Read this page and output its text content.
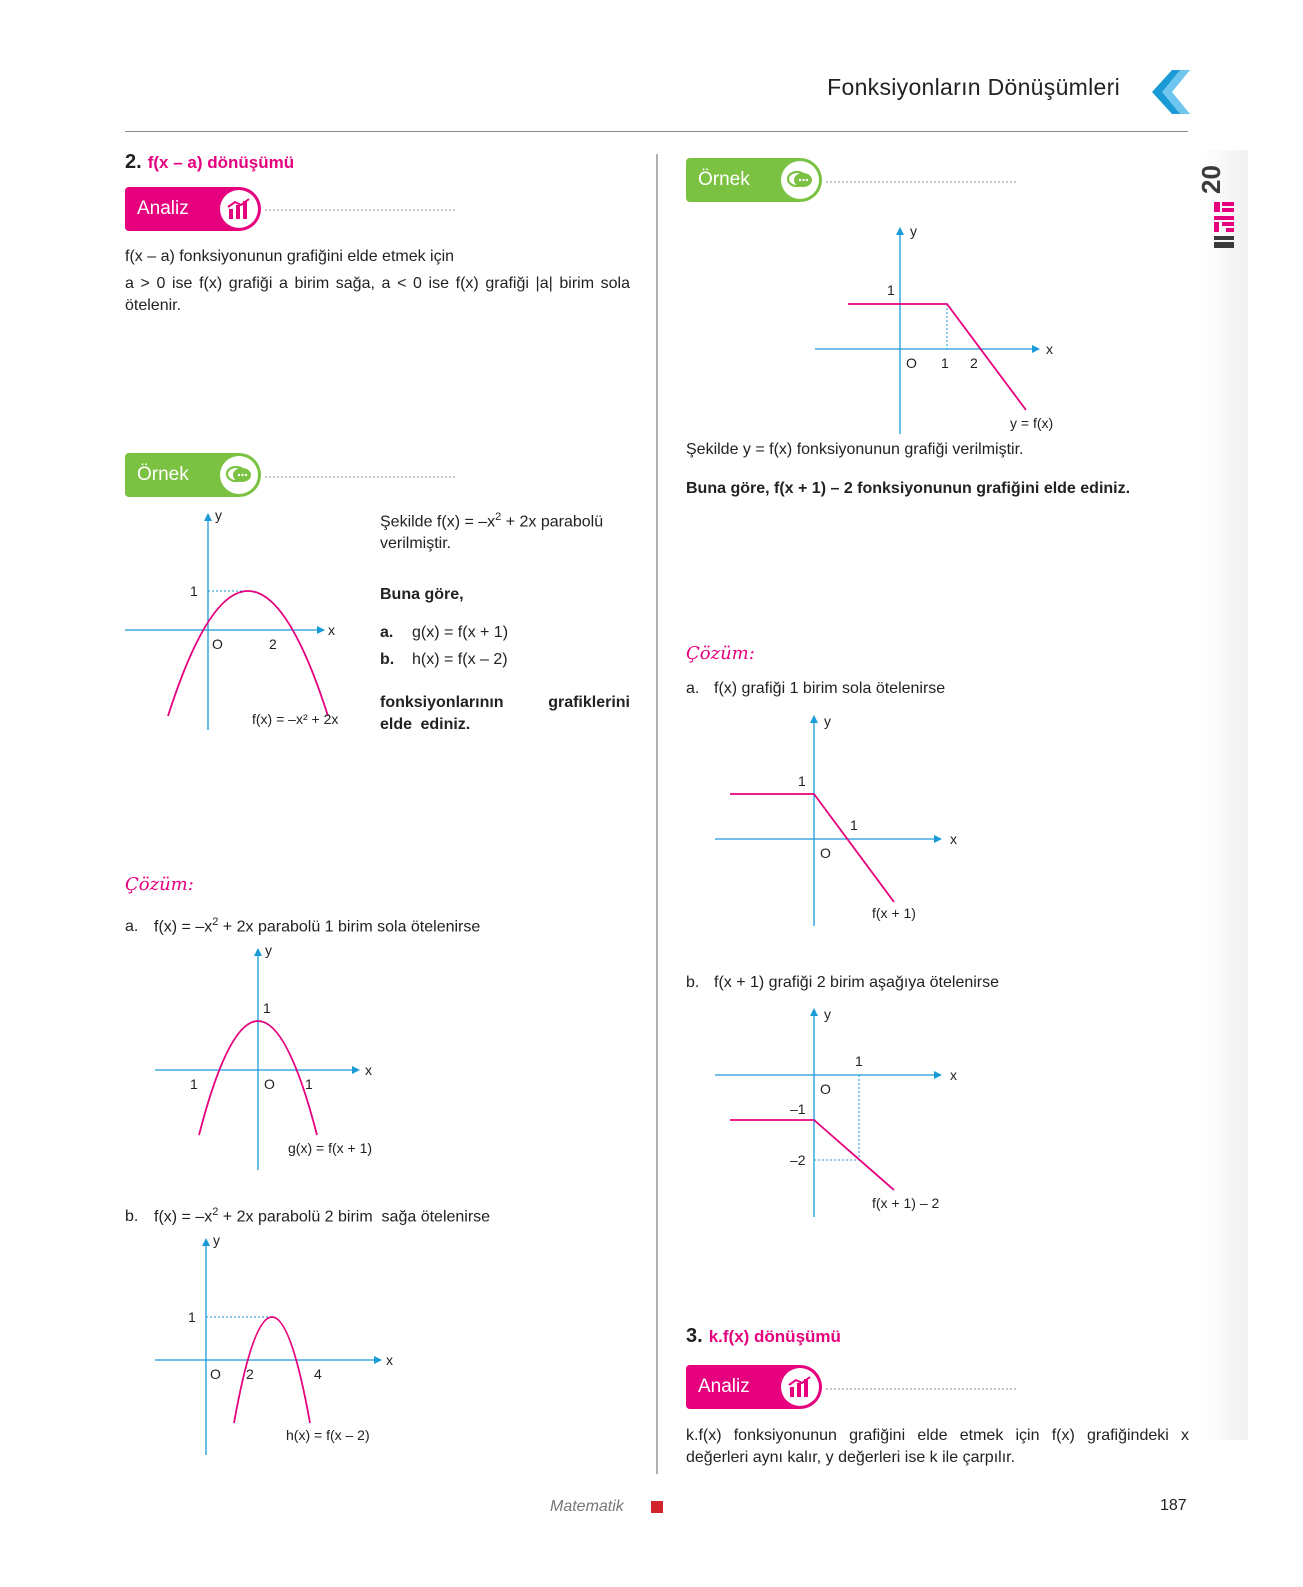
Fonksiyonların Dönüşümleri
20
2. f(x – a) dönüşümü
Analiz
f(x – a) fonksiyonunun grafiğini elde etmek için
a > 0 ise f(x) grafiği a birim sağa, a < 0 ise f(x) grafiği |a| birim sola ötelenir.
Örnek
y
x
O
1
2
f(x) = –x² + 2x
Şekilde $f(x) = -x^2 + 2x$ parabolü verilmiştir.
Buna göre,
a. g(x) = f(x + 1)
b. h(x) = f(x – 2)
fonksiyonlarının grafiklerini elde ediniz.
Çözüm:
a. $f(x) = -x^2 + 2x$ parabolü 1 birim sola ötelenirse
y
x
O
1
1	1
g(x) = f(x + 1)
b. $f(x) = -x^2 + 2x$ parabolü 2 birim  sağa ötelenirse
y
x
O
1
2	4
h(x) = f(x – 2)
Örnek
y
x
O
1
1 2
y = f(x)
Şekilde y = f(x) fonksiyonunun grafiği verilmiştir.
Buna göre, f(x + 1) – 2 fonksiyonunun grafiğini elde ediniz.
Çözüm:
a. f(x) grafiği 1 birim sola ötelenirse
y
x
O
1
1
f(x + 1)
b. f(x + 1) grafiği 2 birim aşağıya ötelenirse
y
x
O
–1
–2
1
f(x + 1) – 2
3. k.f(x) dönüşümü
Analiz
k.f(x) fonksiyonunun grafiğini elde etmek için f(x) grafiğindeki x değerleri aynı kalır, y değerleri ise k ile çarpılır.
Matematik	187
